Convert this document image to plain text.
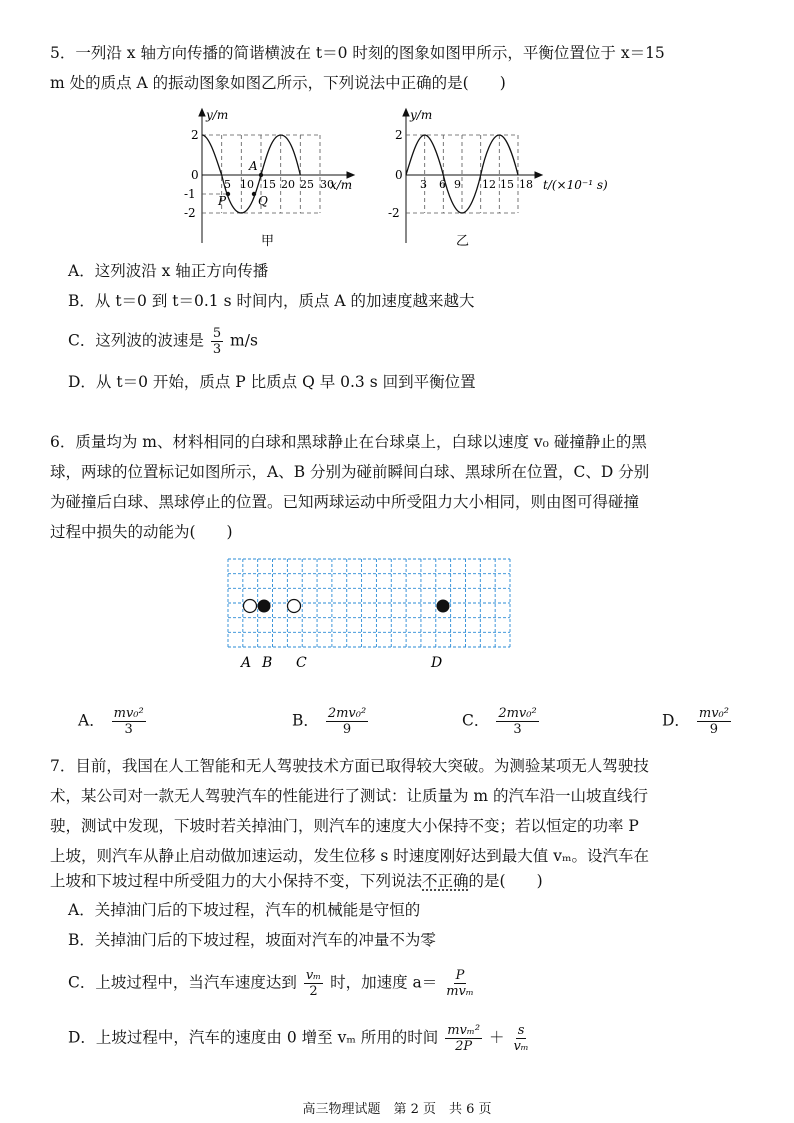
5．一列沿 x 轴方向传播的简谐横波在 t＝0 时刻的图象如图甲所示，平衡位置位于 x＝15
m 处的质点 A 的振动图象如图乙所示，下列说法中正确的是(　　)
y/m
x/m
0
2
-1
-2
5 10 15 20 25 30
A
P	Q
甲
y/m
t/(×10⁻¹ s)
0
2
-2
3 6 9 12 15 18
乙
A．这列波沿 x 轴正方向传播
B．从 t＝0 到 t＝0.1 s 时间内，质点 A 的加速度越来越大
C．这列波的波速是 $\frac{5}{3} m/s$
D．从 t＝0 开始，质点 P 比质点 Q 早 0.3 s 回到平衡位置
6．质量均为 m、材料相同的白球和黑球静止在台球桌上，白球以速度 v₀ 碰撞静止的黑
球，两球的位置标记如图所示，A、B 分别为碰前瞬间白球、黑球所在位置，C、D 分别
为碰撞后白球、黑球停止的位置。已知两球运动中所受阻力大小相同，则由图可得碰撞
过程中损失的动能为(　　)
A B C	D
A． $\frac{\text{mv₀²}}{3}$	B． $\frac{\text{2mv₀²}}{9}$	C． $\frac{\text{2mv₀²}}{3}$	D． $\frac{\text{mv₀²}}{9}$
7．目前，我国在人工智能和无人驾驶技术方面已取得较大突破。为测验某项无人驾驶技
术，某公司对一款无人驾驶汽车的性能进行了测试：让质量为 m 的汽车沿一山坡直线行
驶，测试中发现，下坡时若关掉油门，则汽车的速度大小保持不变；若以恒定的功率 P
上坡，则汽车从静止启动做加速运动，发生位移 s 时速度刚好达到最大值 vₘ。设汽车在
上坡和下坡过程中所受阻力的大小保持不变，下列说法不正确的是(　　)
A．关掉油门后的下坡过程，汽车的机械能是守恒的
B．关掉油门后的下坡过程，坡面对汽车的冲量不为零
C．上坡过程中，当汽车速度达到 $\frac{\text{vₘ}}{2}$ 时，加速度 $a= \frac{P}{\text{mvₘ}}$
D．上坡过程中，汽车的速度由 0 增至 vₘ 所用的时间 $\frac{\text{mvₘ²}}{2P} + \frac{s}{\text{vₘ}}$
高三物理试题　第 2 页　共 6 页
